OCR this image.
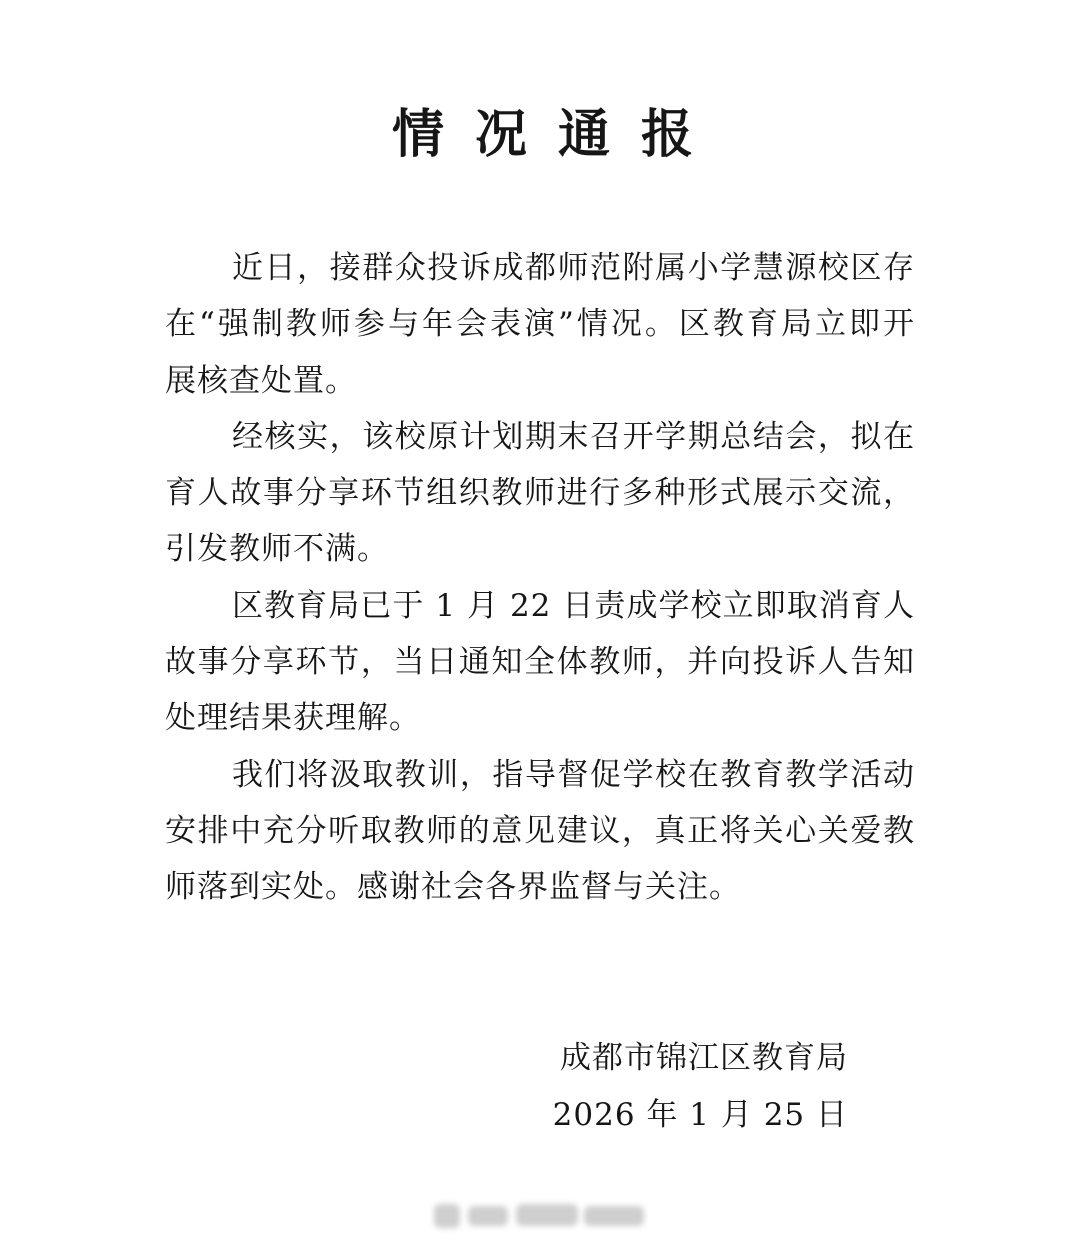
情况通报

近日，接群众投诉成都师范附属小学慧源校区存
在“强制教师参与年会表演”情况。区教育局立即开
展核查处置。

经核实，该校原计划期末召开学期总结会，拟在
育人故事分享环节组织教师进行多种形式展示交流，
引发教师不满。

区教育局已于 1 月 22 日责成学校立即取消育人
故事分享环节，当日通知全体教师，并向投诉人告知
处理结果获理解。

我们将汲取教训，指导督促学校在教育教学活动
安排中充分听取教师的意见建议，真正将关心关爱教
师落到实处。感谢社会各界监督与关注。

成都市锦江区教育局
2026 年 1 月 25 日
